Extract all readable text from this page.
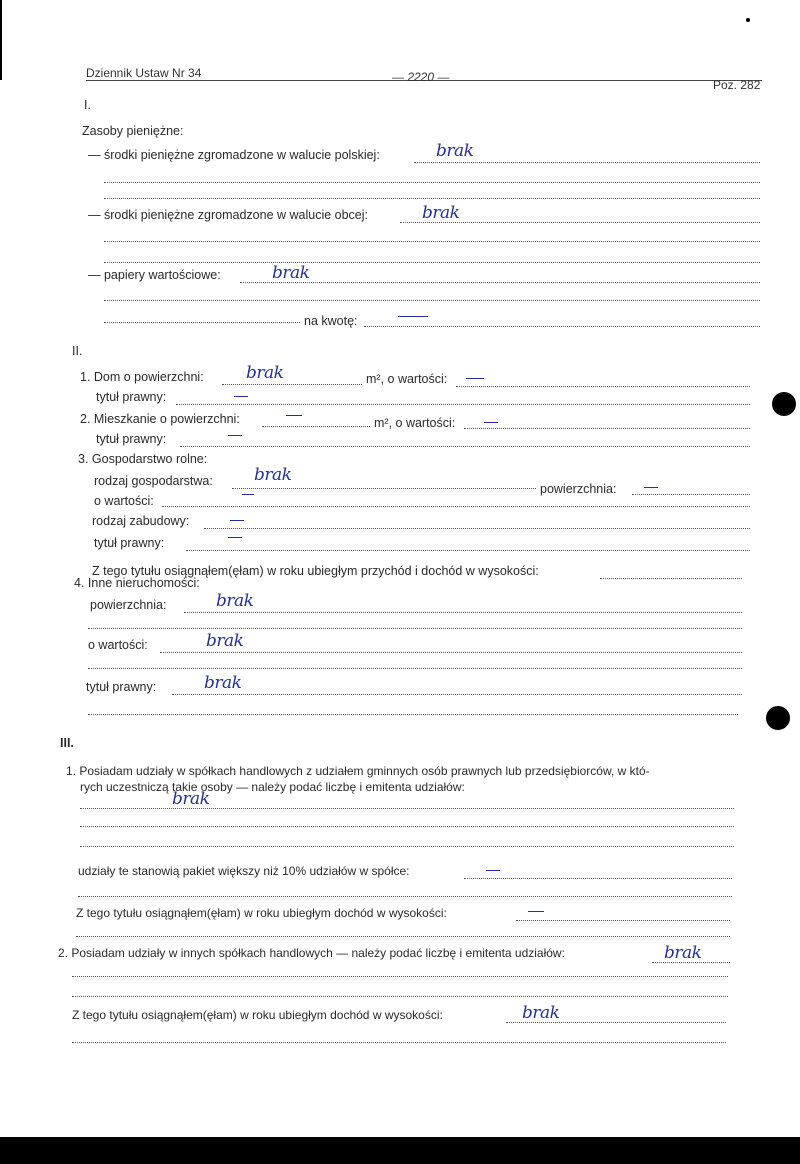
Dziennik Ustaw Nr 34	— 2220 —
Poz. 282
I.
Zasoby pieniężne:
— środki pieniężne zgromadzone w walucie polskiej:	brak
— środki pieniężne zgromadzone w walucie obcej:	brak
— papiery wartościowe:	brak
na kwotę:
II.
1. Dom o powierzchni: brak	m², o wartości:
tytuł prawny:
2. Mieszkanie o powierzchni:	m², o wartości:
tytuł prawny:
3. Gospodarstwo rolne:
rodzaj gospodarstwa: brak
powierzchnia:
o wartości:
rodzaj zabudowy:
tytuł prawny:
Z tego tytułu osiągnąłem(ęłam) w roku ubiegłym przychód i dochód w wysokości:
4. Inne nieruchomości:
powierzchnia:	brak
o wartości:	brak
tytuł prawny:	brak
III.
1. Posiadam udziały w spółkach handlowych z udziałem gminnych osób prawnych lub przedsiębiorców, w któ-
rych uczestniczą takie osoby — należy podać liczbę i emitenta udziałów:
brak
udziały te stanowią pakiet większy niż 10% udziałów w spółce:
Z tego tytułu osiągnąłem(ęłam) w roku ubiegłym dochód w wysokości:
2. Posiadam udziały w innych spółkach handlowych — należy podać liczbę i emitenta udziałów:	brak
Z tego tytułu osiągnąłem(ęłam) w roku ubiegłym dochód w wysokości:	brak
